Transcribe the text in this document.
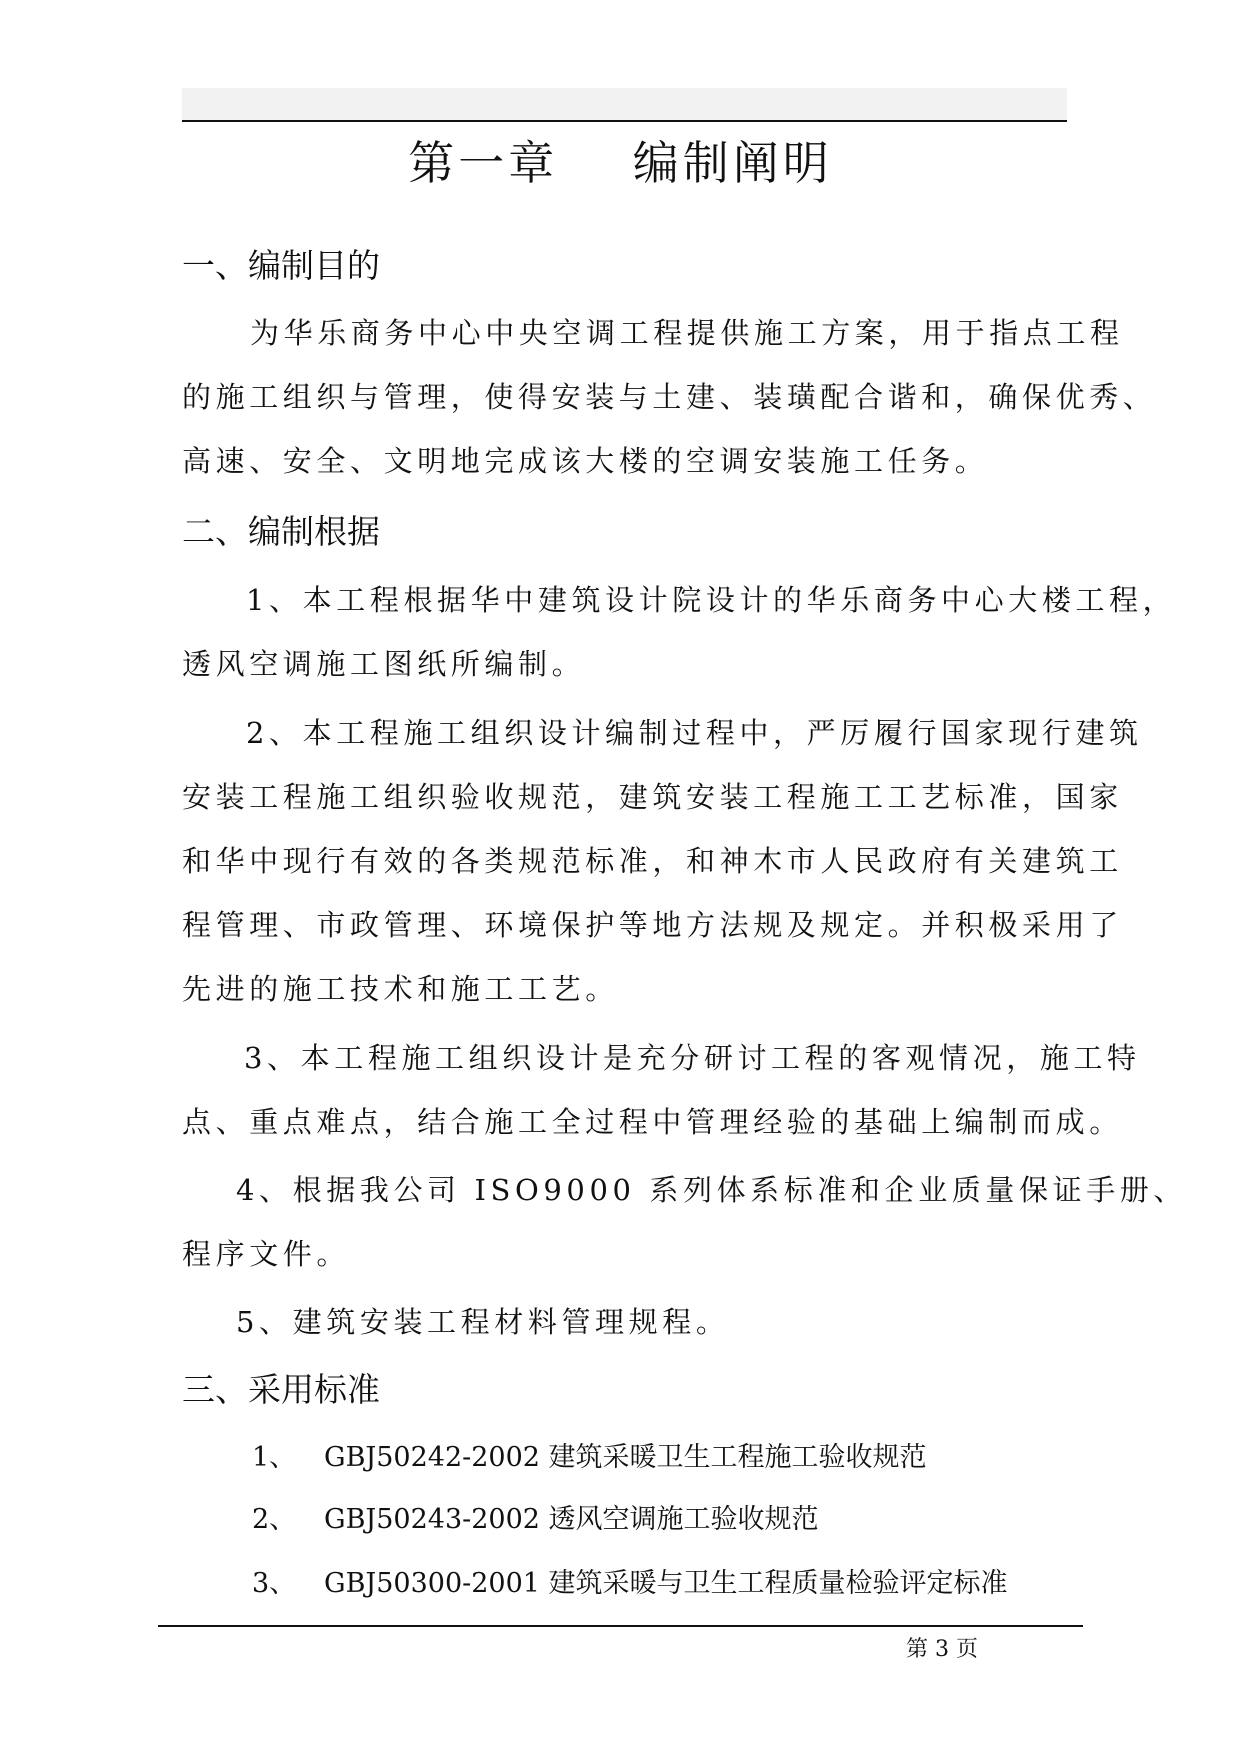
第一章    编制阐明
一、编制目的
为华乐商务中心中央空调工程提供施工方案，用于指点工程
的施工组织与管理，使得安装与土建、装璜配合谐和，确保优秀、
高速、安全、文明地完成该大楼的空调安装施工任务。
二、编制根据
1、本工程根据华中建筑设计院设计的华乐商务中心大楼工程，
透风空调施工图纸所编制。
2、本工程施工组织设计编制过程中，严厉履行国家现行建筑
安装工程施工组织验收规范，建筑安装工程施工工艺标准，国家
和华中现行有效的各类规范标准，和神木市人民政府有关建筑工
程管理、市政管理、环境保护等地方法规及规定。并积极采用了
先进的施工技术和施工工艺。
3、本工程施工组织设计是充分研讨工程的客观情况，施工特
点、重点难点，结合施工全过程中管理经验的基础上编制而成。
4、根据我公司 ISO9000 系列体系标准和企业质量保证手册、
程序文件。
5、建筑安装工程材料管理规程。
三、采用标准
1、 GBJ50242-2002 建筑采暖卫生工程施工验收规范
2、 GBJ50243-2002 透风空调施工验收规范
3、 GBJ50300-2001 建筑采暖与卫生工程质量检验评定标准
第 3 页
